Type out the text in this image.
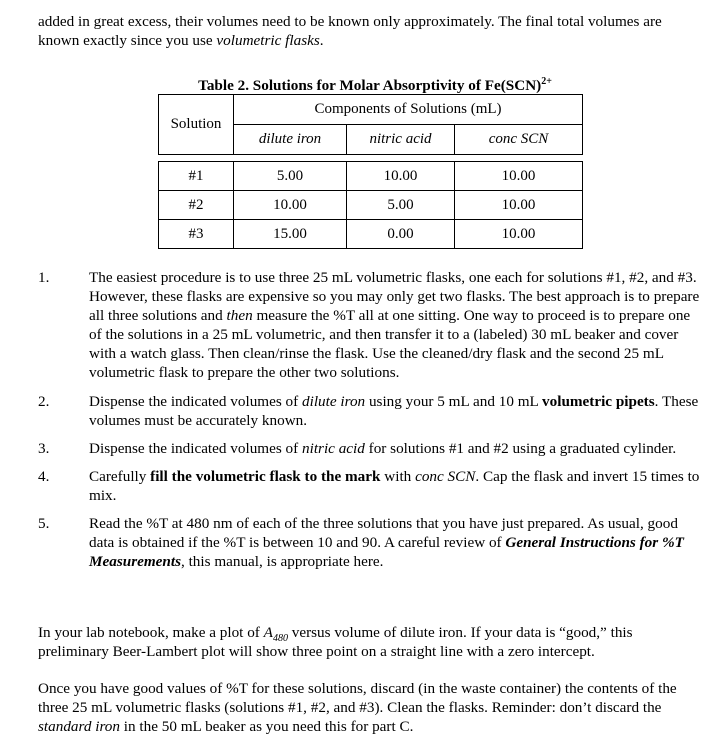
added in great excess, their volumes need to be known only approximately. The final total volumes are known exactly since you use volumetric flasks.
Table 2. Solutions for Molar Absorptivity of Fe(SCN)$^{2+}$
Solution	Components of Solutions (mL)		
	dilute iron	nitric acid	conc SCN

#1	5.00	10.00	10.00
#2	10.00	5.00	10.00
#3	15.00	0.00	10.00
1.	The easiest procedure is to use three 25 mL volumetric flasks, one each for solutions #1, #2, and #3. However, these flasks are expensive so you may only get two flasks. The best approach is to prepare all three solutions and then measure the %T all at one sitting. One way to proceed is to prepare one of the solutions in a 25 mL volumetric, and then transfer it to a (labeled) 30 mL beaker and cover with a watch glass. Then clean/rinse the flask. Use the cleaned/dry flask and the second 25 mL volumetric flask to prepare the other two solutions.
2.	Dispense the indicated volumes of dilute iron using your 5 mL and 10 mL volumetric pipets. These volumes must be accurately known.
3.	Dispense the indicated volumes of nitric acid for solutions #1 and #2 using a graduated cylinder.
4.	Carefully fill the volumetric flask to the mark with conc SCN. Cap the flask and invert 15 times to mix.
5.	Read the %T at 480 nm of each of the three solutions that you have just prepared. As usual, good data is obtained if the %T is between 10 and 90. A careful review of General Instructions for %T Measurements, this manual, is appropriate here.
In your lab notebook, make a plot of $A_{480}$ versus volume of dilute iron. If your data is “good,” this preliminary Beer-Lambert plot will show three point on a straight line with a zero intercept.
Once you have good values of %T for these solutions, discard (in the waste container) the contents of the three 25 mL volumetric flasks (solutions #1, #2, and #3). Clean the flasks. Reminder: don’t discard the standard iron in the 50 mL beaker as you need this for part C.
